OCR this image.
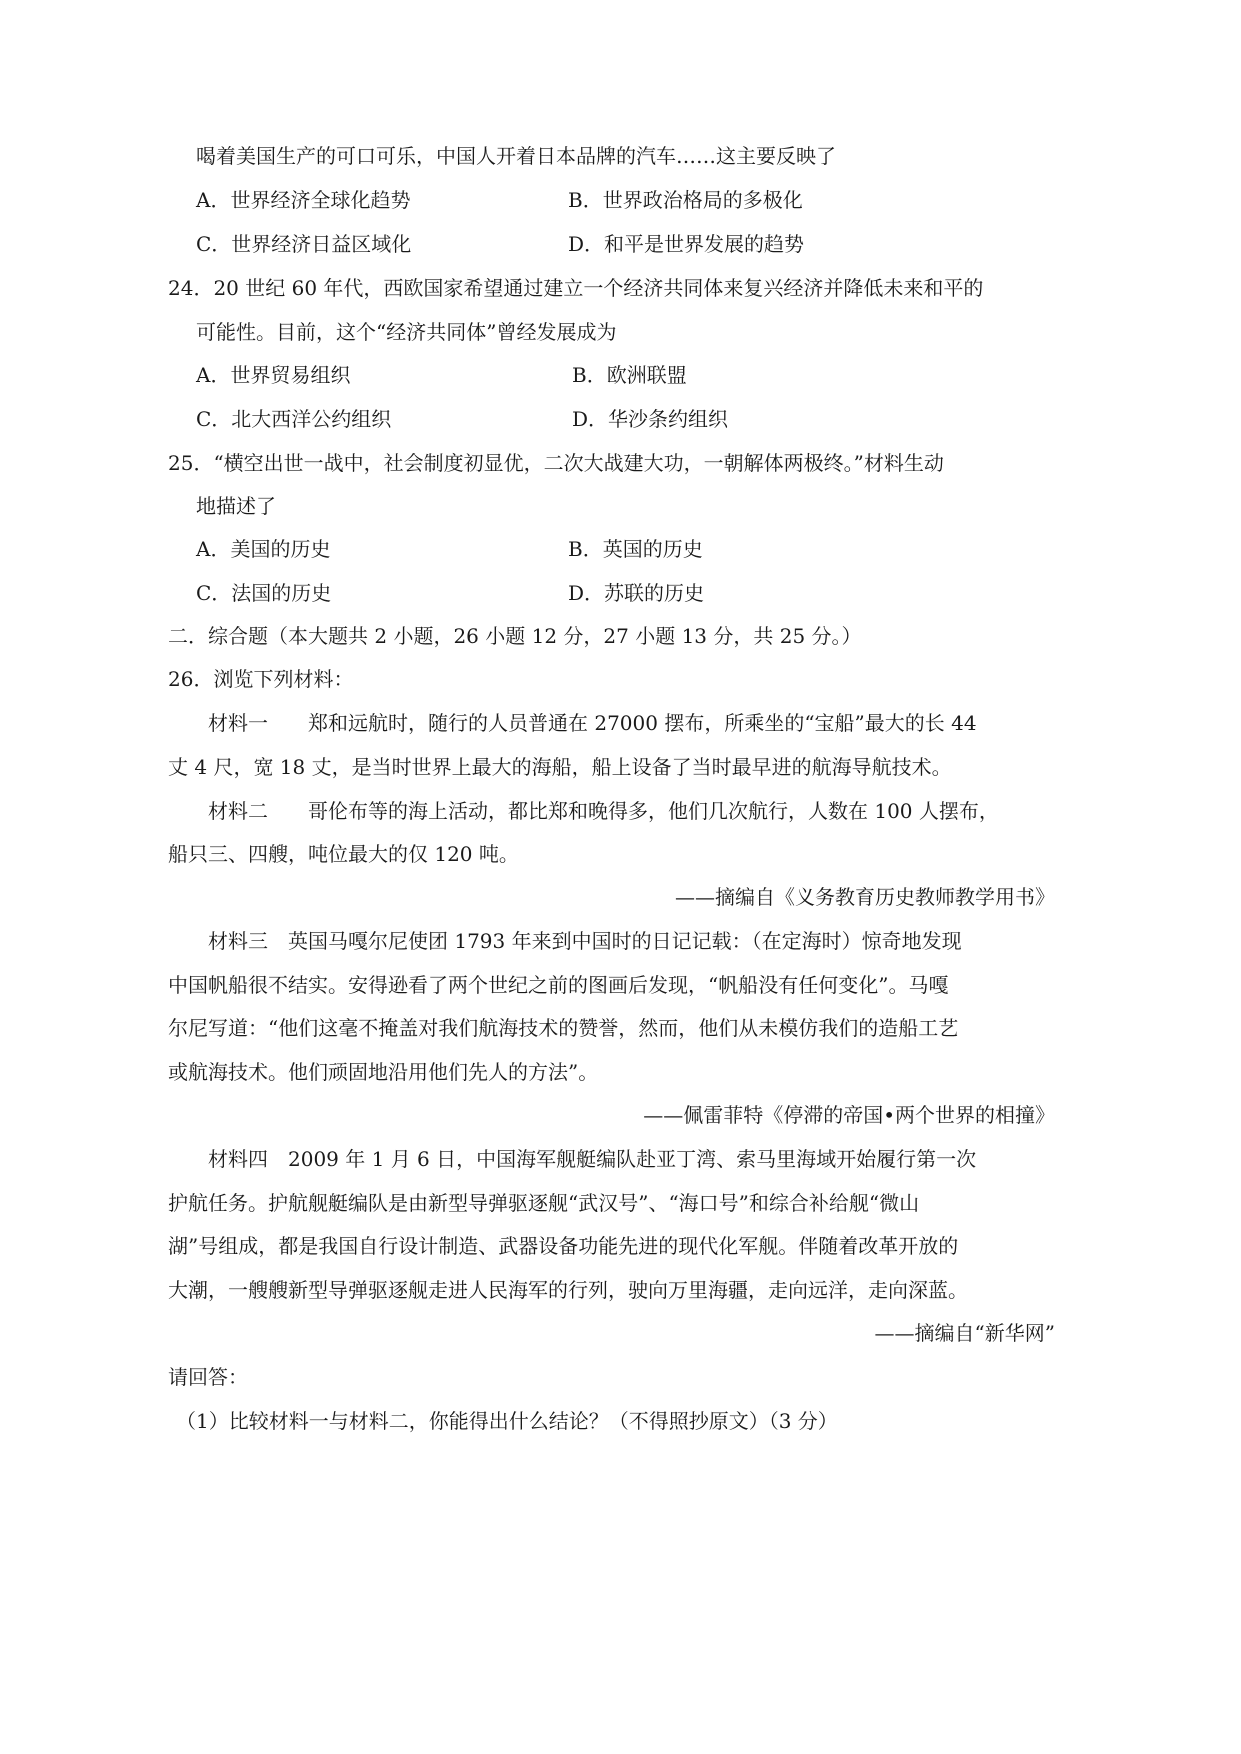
喝着美国生产的可口可乐，中国人开着日本品牌的汽车……这主要反映了
A．世界经济全球化趋势	B．世界政治格局的多极化
C．世界经济日益区域化	D．和平是世界发展的趋势
24．20 世纪 60 年代，西欧国家希望通过建立一个经济共同体来复兴经济并降低未来和平的
可能性。目前，这个“经济共同体”曾经发展成为
A．世界贸易组织	B．欧洲联盟
C．北大西洋公约组织	D．华沙条约组织
25．“横空出世一战中，社会制度初显优，二次大战建大功，一朝解体两极终。”材料生动
地描述了
A．美国的历史	B．英国的历史
C．法国的历史	D．苏联的历史
二．综合题（本大题共 2 小题，26 小题 12 分，27 小题 13 分，共 25 分。）
26．浏览下列材料：
材料一　　郑和远航时，随行的人员普通在 27000 摆布，所乘坐的“宝船”最大的长 44
丈 4 尺，宽 18 丈，是当时世界上最大的海船，船上设备了当时最早进的航海导航技术。
材料二　　哥伦布等的海上活动，都比郑和晚得多，他们几次航行，人数在 100 人摆布，
船只三、四艘，吨位最大的仅 120 吨。
——摘编自《义务教育历史教师教学用书》
材料三　英国马嘎尔尼使团 1793 年来到中国时的日记记载：（在定海时）惊奇地发现
中国帆船很不结实。安得逊看了两个世纪之前的图画后发现，“帆船没有任何变化”。马嘎
尔尼写道：“他们这毫不掩盖对我们航海技术的赞誉，然而，他们从未模仿我们的造船工艺
或航海技术。他们顽固地沿用他们先人的方法”。
——佩雷菲特《停滞的帝国•两个世界的相撞》
材料四　2009 年 1 月 6 日，中国海军舰艇编队赴亚丁湾、索马里海域开始履行第一次
护航任务。护航舰艇编队是由新型导弹驱逐舰“武汉号”、“海口号”和综合补给舰“微山
湖”号组成，都是我国自行设计制造、武器设备功能先进的现代化军舰。伴随着改革开放的
大潮，一艘艘新型导弹驱逐舰走进人民海军的行列，驶向万里海疆，走向远洋，走向深蓝。
——摘编自“新华网”
请回答：
（1）比较材料一与材料二，你能得出什么结论？（不得照抄原文）（3 分）
